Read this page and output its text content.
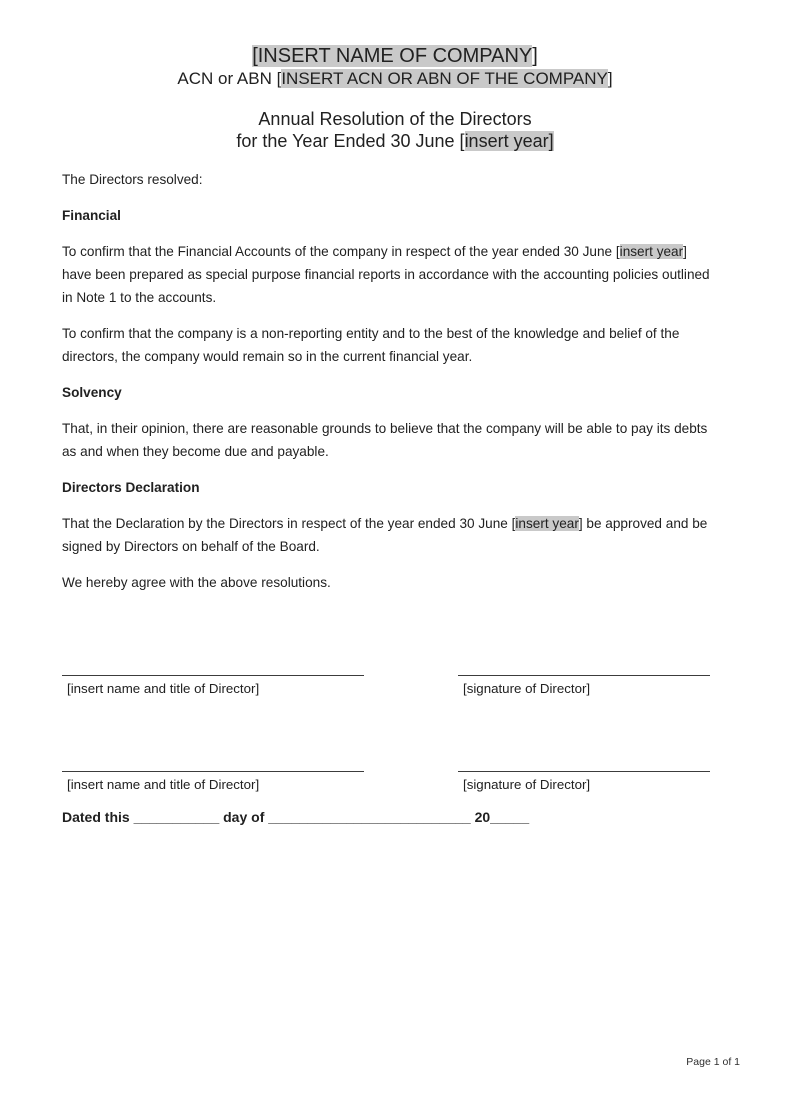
[INSERT NAME OF COMPANY]
ACN or ABN [INSERT ACN OR ABN OF THE COMPANY]
Annual Resolution of the Directors
for the Year Ended 30 June [insert year]

The Directors resolved:

Financial

To confirm that the Financial Accounts of the company in respect of the year ended 30 June [insert year]
have been prepared as special purpose financial reports in accordance with the accounting policies outlined
in Note 1 to the accounts.

To confirm that the company is a non-reporting entity and to the best of the knowledge and belief of the
directors, the company would remain so in the current financial year.

Solvency

That, in their opinion, there are reasonable grounds to believe that the company will be able to pay its debts
as and when they become due and payable.

Directors Declaration

That the Declaration by the Directors in respect of the year ended 30 June [insert year] be approved and be
signed by Directors on behalf of the Board.

We hereby agree with the above resolutions.

[insert name and title of Director]	[signature of Director]
[insert name and title of Director]	[signature of Director]

Dated this ___________ day of __________________________ 20_____

Page 1 of 1
